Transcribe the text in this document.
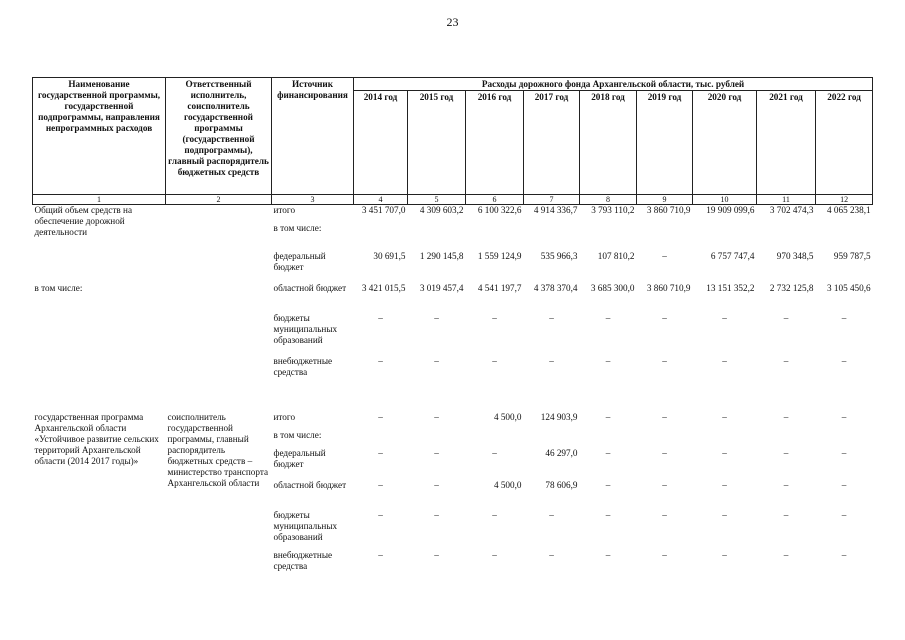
23
Наименование государственной программы, государственной подпрограммы, направления непрограммных расходов	Ответственный исполнитель, соисполнитель государственной программы (государственной подпрограммы), главный распорядитель бюджетных средств	Источник финансирования	Расходы дорожного фонда Архангельской области, тыс. рублей								
			2014 год	2015 год	2016 год	2017 год	2018 год	2019 год	2020 год	2021 год	2022 год
1	2	3	4	5	6	7	8	9	10	11	12
Общий объем средств на обеспечение дорожной деятельности		итого	3 451 707,0	4 309 603,2	6 100 322,6	4 914 336,7	3 793 110,2	3 860 710,9	19 909 099,6	3 702 474,3	4 065 238,1
		в том числе:									
		федеральный бюджет	30 691,5	1 290 145,8	1 559 124,9	535 966,3	107 810,2	–	6 757 747,4	970 348,5	959 787,5
в том числе:		областной бюджет	3 421 015,5	3 019 457,4	4 541 197,7	4 378 370,4	3 685 300,0	3 860 710,9	13 151 352,2	2 732 125,8	3 105 450,6
		бюджеты муниципальных образований	–	–	–	–	–	–	–	–	–
		внебюджетные средства	–	–	–	–	–	–	–	–	–

государственная программа Архангельской области «Устойчивое развитие сельских территорий Архангельской области (2014 2017 годы)»	соисполнитель государственной программы, главный распорядитель бюджетных средств – министерство транспорта Архангельской области	итого	–	–	4 500,0	124 903,9	–	–	–	–	–
		в том числе:									
		федеральный бюджет	–	–	–	46 297,0	–	–	–	–	–
		областной бюджет	–	–	4 500,0	78 606,9	–	–	–	–	–
		бюджеты муниципальных образований	–	–	–	–	–	–	–	–	–
		внебюджетные средства	–	–	–	–	–	–	–	–	–
